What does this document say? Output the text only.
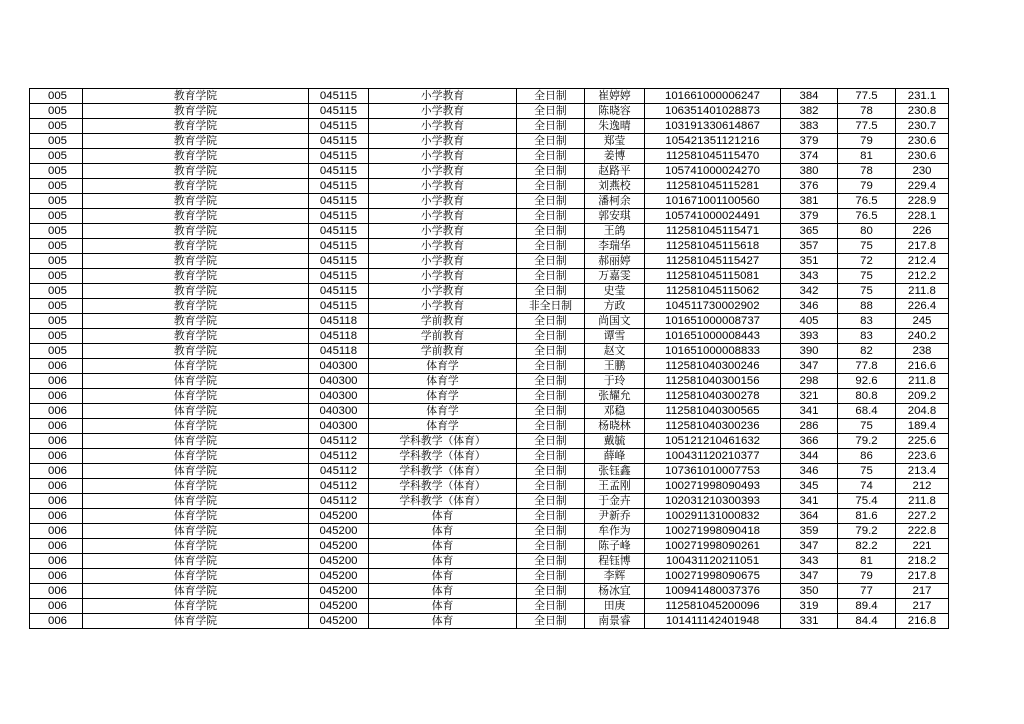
005	教育学院	045115	小学教育	全日制	崔婷婷	101661000006247	384	77.5	231.1
005	教育学院	045115	小学教育	全日制	陈晓容	106351401028873	382	78	230.8
005	教育学院	045115	小学教育	全日制	朱逸晴	103191330614867	383	77.5	230.7
005	教育学院	045115	小学教育	全日制	郑莹	105421351121216	379	79	230.6
005	教育学院	045115	小学教育	全日制	姜博	112581045115470	374	81	230.6
005	教育学院	045115	小学教育	全日制	赵路平	105741000024270	380	78	230
005	教育学院	045115	小学教育	全日制	刘燕校	112581045115281	376	79	229.4
005	教育学院	045115	小学教育	全日制	潘柯余	101671001100560	381	76.5	228.9
005	教育学院	045115	小学教育	全日制	郭安琪	105741000024491	379	76.5	228.1
005	教育学院	045115	小学教育	全日制	王鸽	112581045115471	365	80	226
005	教育学院	045115	小学教育	全日制	李瑞华	112581045115618	357	75	217.8
005	教育学院	045115	小学教育	全日制	郝丽婷	112581045115427	351	72	212.4
005	教育学院	045115	小学教育	全日制	万嘉雯	112581045115081	343	75	212.2
005	教育学院	045115	小学教育	全日制	史莹	112581045115062	342	75	211.8
005	教育学院	045115	小学教育	非全日制	方政	104511730002902	346	88	226.4
005	教育学院	045118	学前教育	全日制	尚国文	101651000008737	405	83	245
005	教育学院	045118	学前教育	全日制	谭雪	101651000008443	393	83	240.2
005	教育学院	045118	学前教育	全日制	赵文	101651000008833	390	82	238
006	体育学院	040300	体育学	全日制	王鹏	112581040300246	347	77.8	216.6
006	体育学院	040300	体育学	全日制	于玲	112581040300156	298	92.6	211.8
006	体育学院	040300	体育学	全日制	张耀允	112581040300278	321	80.8	209.2
006	体育学院	040300	体育学	全日制	邓稳	112581040300565	341	68.4	204.8
006	体育学院	040300	体育学	全日制	杨晓林	112581040300236	286	75	189.4
006	体育学院	045112	学科教学（体育）	全日制	戴毓	105121210461632	366	79.2	225.6
006	体育学院	045112	学科教学（体育）	全日制	薛峰	100431120210377	344	86	223.6
006	体育学院	045112	学科教学（体育）	全日制	张钰鑫	107361010007753	346	75	213.4
006	体育学院	045112	学科教学（体育）	全日制	王孟刚	100271998090493	345	74	212
006	体育学院	045112	学科教学（体育）	全日制	于金卉	102031210300393	341	75.4	211.8
006	体育学院	045200	体育	全日制	尹新乔	100291131000832	364	81.6	227.2
006	体育学院	045200	体育	全日制	牟作为	100271998090418	359	79.2	222.8
006	体育学院	045200	体育	全日制	陈子峰	100271998090261	347	82.2	221
006	体育学院	045200	体育	全日制	程钰博	100431120211051	343	81	218.2
006	体育学院	045200	体育	全日制	李辉	100271998090675	347	79	217.8
006	体育学院	045200	体育	全日制	杨冰宜	100941480037376	350	77	217
006	体育学院	045200	体育	全日制	田庚	112581045200096	319	89.4	217
006	体育学院	045200	体育	全日制	南景睿	101411142401948	331	84.4	216.8
